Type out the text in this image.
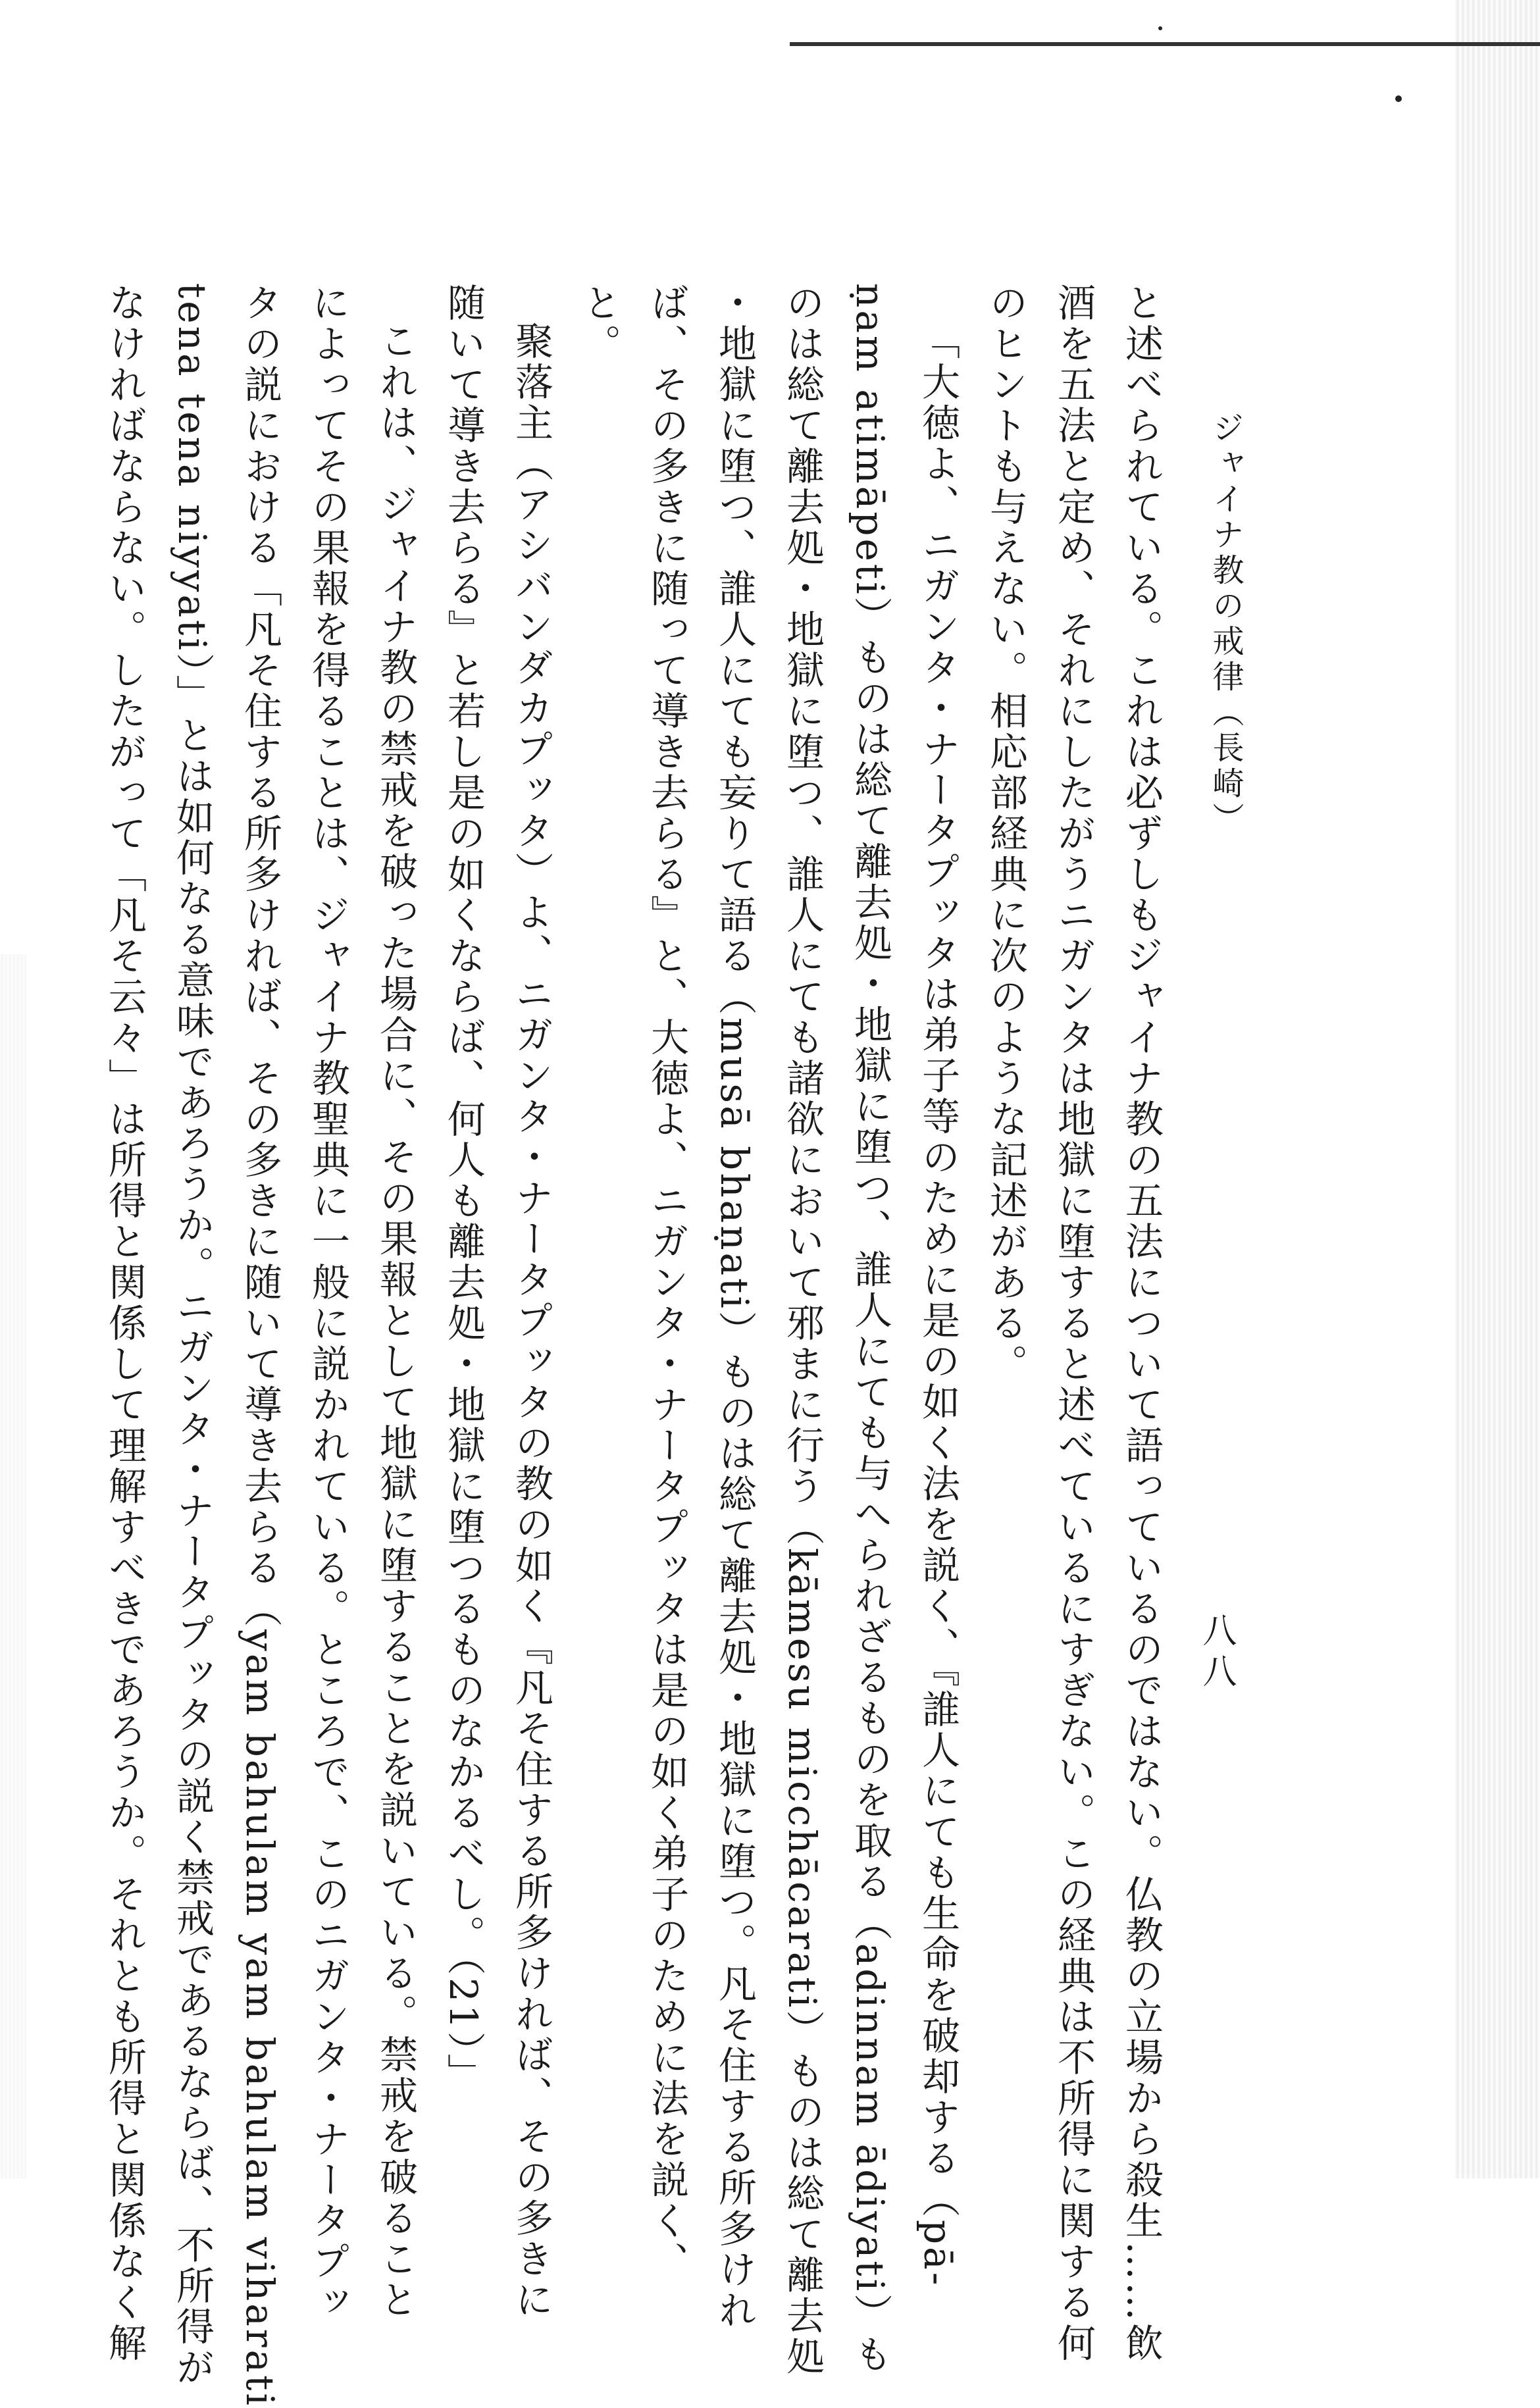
ジャイナ教の戒律（長崎）
八八
と述べられている。これは必ずしもジャイナ教の五法について語っているのではない。仏教の立場から殺生……飲
酒を五法と定め、それにしたがうニガンタは地獄に堕すると述べているにすぎない。この経典は不所得に関する何
のヒントも与えない。相応部経典に次のような記述がある。
「大徳よ、ニガンタ・ナータプッタは弟子等のために是の如く法を説く、『誰人にても生命を破却する（pā-
ṇam atimāpeti）ものは総て離去処・地獄に堕つ、誰人にても与へられざるものを取る（adinnam ādiyati）も
のは総て離去処・地獄に堕つ、誰人にても諸欲において邪まに行う（kāmesu micchācarati）ものは総て離去処
・地獄に堕つ、誰人にても妄りて語る（musā bhaṇati）ものは総て離去処・地獄に堕つ。凡そ住する所多けれ
ば、その多きに随って導き去らる』と、大徳よ、ニガンタ・ナータプッタは是の如く弟子のために法を説く、
と。
聚落主（アシバンダカプッタ）よ、ニガンタ・ナータプッタの教の如く『凡そ住する所多ければ、その多きに
随いて導き去らる』と若し是の如くならば、何人も離去処・地獄に堕つるものなかるべし。（21）」
これは、ジャイナ教の禁戒を破った場合に、その果報として地獄に堕することを説いている。禁戒を破ること
によってその果報を得ることは、ジャイナ教聖典に一般に説かれている。ところで、このニガンタ・ナータプッ
タの説における「凡そ住する所多ければ、その多きに随いて導き去らる（yam bahulam yam bahulam viharati
tena tena niyyati）」とは如何なる意味であろうか。ニガンタ・ナータプッタの説く禁戒であるならば、不所得が
なければならない。したがって「凡そ云々」は所得と関係して理解すべきであろうか。それとも所得と関係なく解
